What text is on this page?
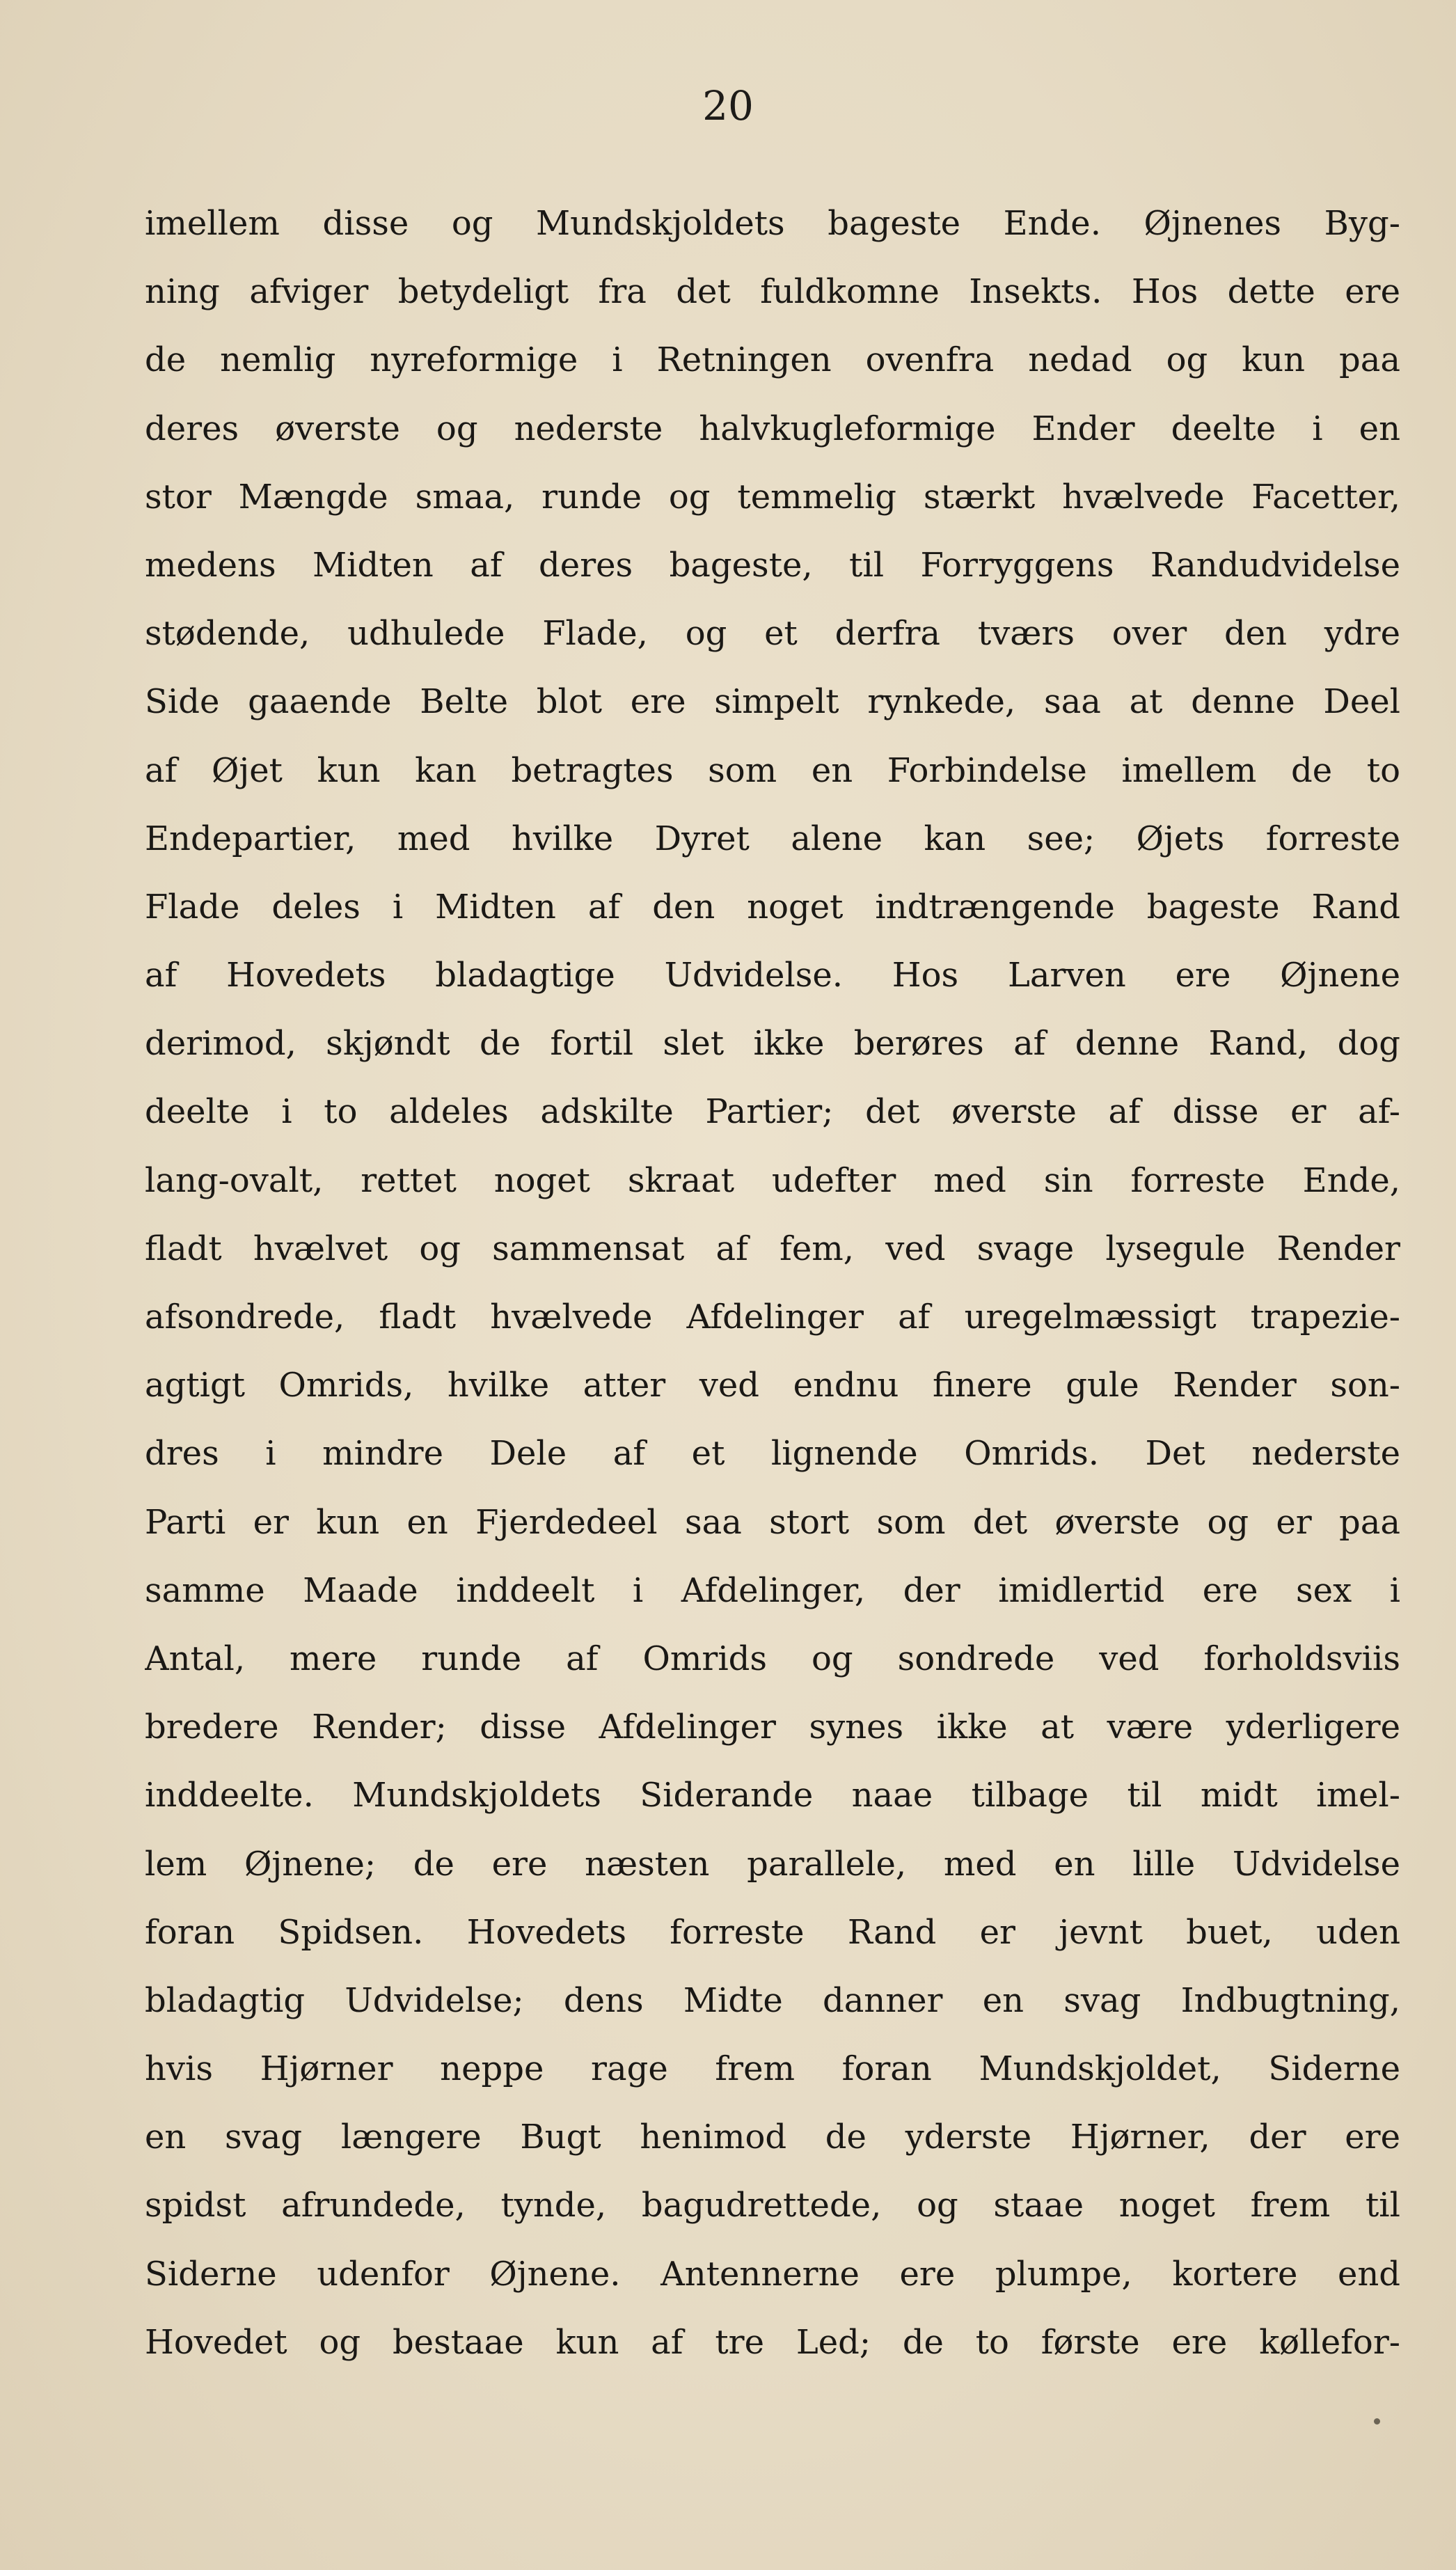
20
imellem disse og Mundskjoldets bageste Ende. Øjnenes Byg-
ning afviger betydeligt fra det fuldkomne Insekts. Hos dette ere
de nemlig nyreformige i Retningen ovenfra nedad og kun paa
deres øverste og nederste halvkugleformige Ender deelte i en
stor Mængde smaa, runde og temmelig stærkt hvælvede Facetter,
medens Midten af deres bageste, til Forryggens Randudvidelse
stødende, udhulede Flade, og et derfra tværs over den ydre
Side gaaende Belte blot ere simpelt rynkede, saa at denne Deel
af Øjet kun kan betragtes som en Forbindelse imellem de to
Endepartier, med hvilke Dyret alene kan see; Øjets forreste
Flade deles i Midten af den noget indtrængende bageste Rand
af Hovedets bladagtige Udvidelse. Hos Larven ere Øjnene
derimod, skjøndt de fortil slet ikke berøres af denne Rand, dog
deelte i to aldeles adskilte Partier; det øverste af disse er af-
lang-ovalt, rettet noget skraat udefter med sin forreste Ende,
fladt hvælvet og sammensat af fem, ved svage lysegule Render
afsondrede, fladt hvælvede Afdelinger af uregelmæssigt trapezie-
agtigt Omrids, hvilke atter ved endnu finere gule Render son-
dres i mindre Dele af et lignende Omrids. Det nederste
Parti er kun en Fjerdedeel saa stort som det øverste og er paa
samme Maade inddeelt i Afdelinger, der imidlertid ere sex i
Antal, mere runde af Omrids og sondrede ved forholdsviis
bredere Render; disse Afdelinger synes ikke at være yderligere
inddeelte. Mundskjoldets Siderande naae tilbage til midt imel-
lem Øjnene; de ere næsten parallele, med en lille Udvidelse
foran Spidsen. Hovedets forreste Rand er jevnt buet, uden
bladagtig Udvidelse; dens Midte danner en svag Indbugtning,
hvis Hjørner neppe rage frem foran Mundskjoldet, Siderne
en svag længere Bugt henimod de yderste Hjørner, der ere
spidst afrundede, tynde, bagudrettede, og staae noget frem til
Siderne udenfor Øjnene. Antennerne ere plumpe, kortere end
Hovedet og bestaae kun af tre Led; de to første ere køllefor-
